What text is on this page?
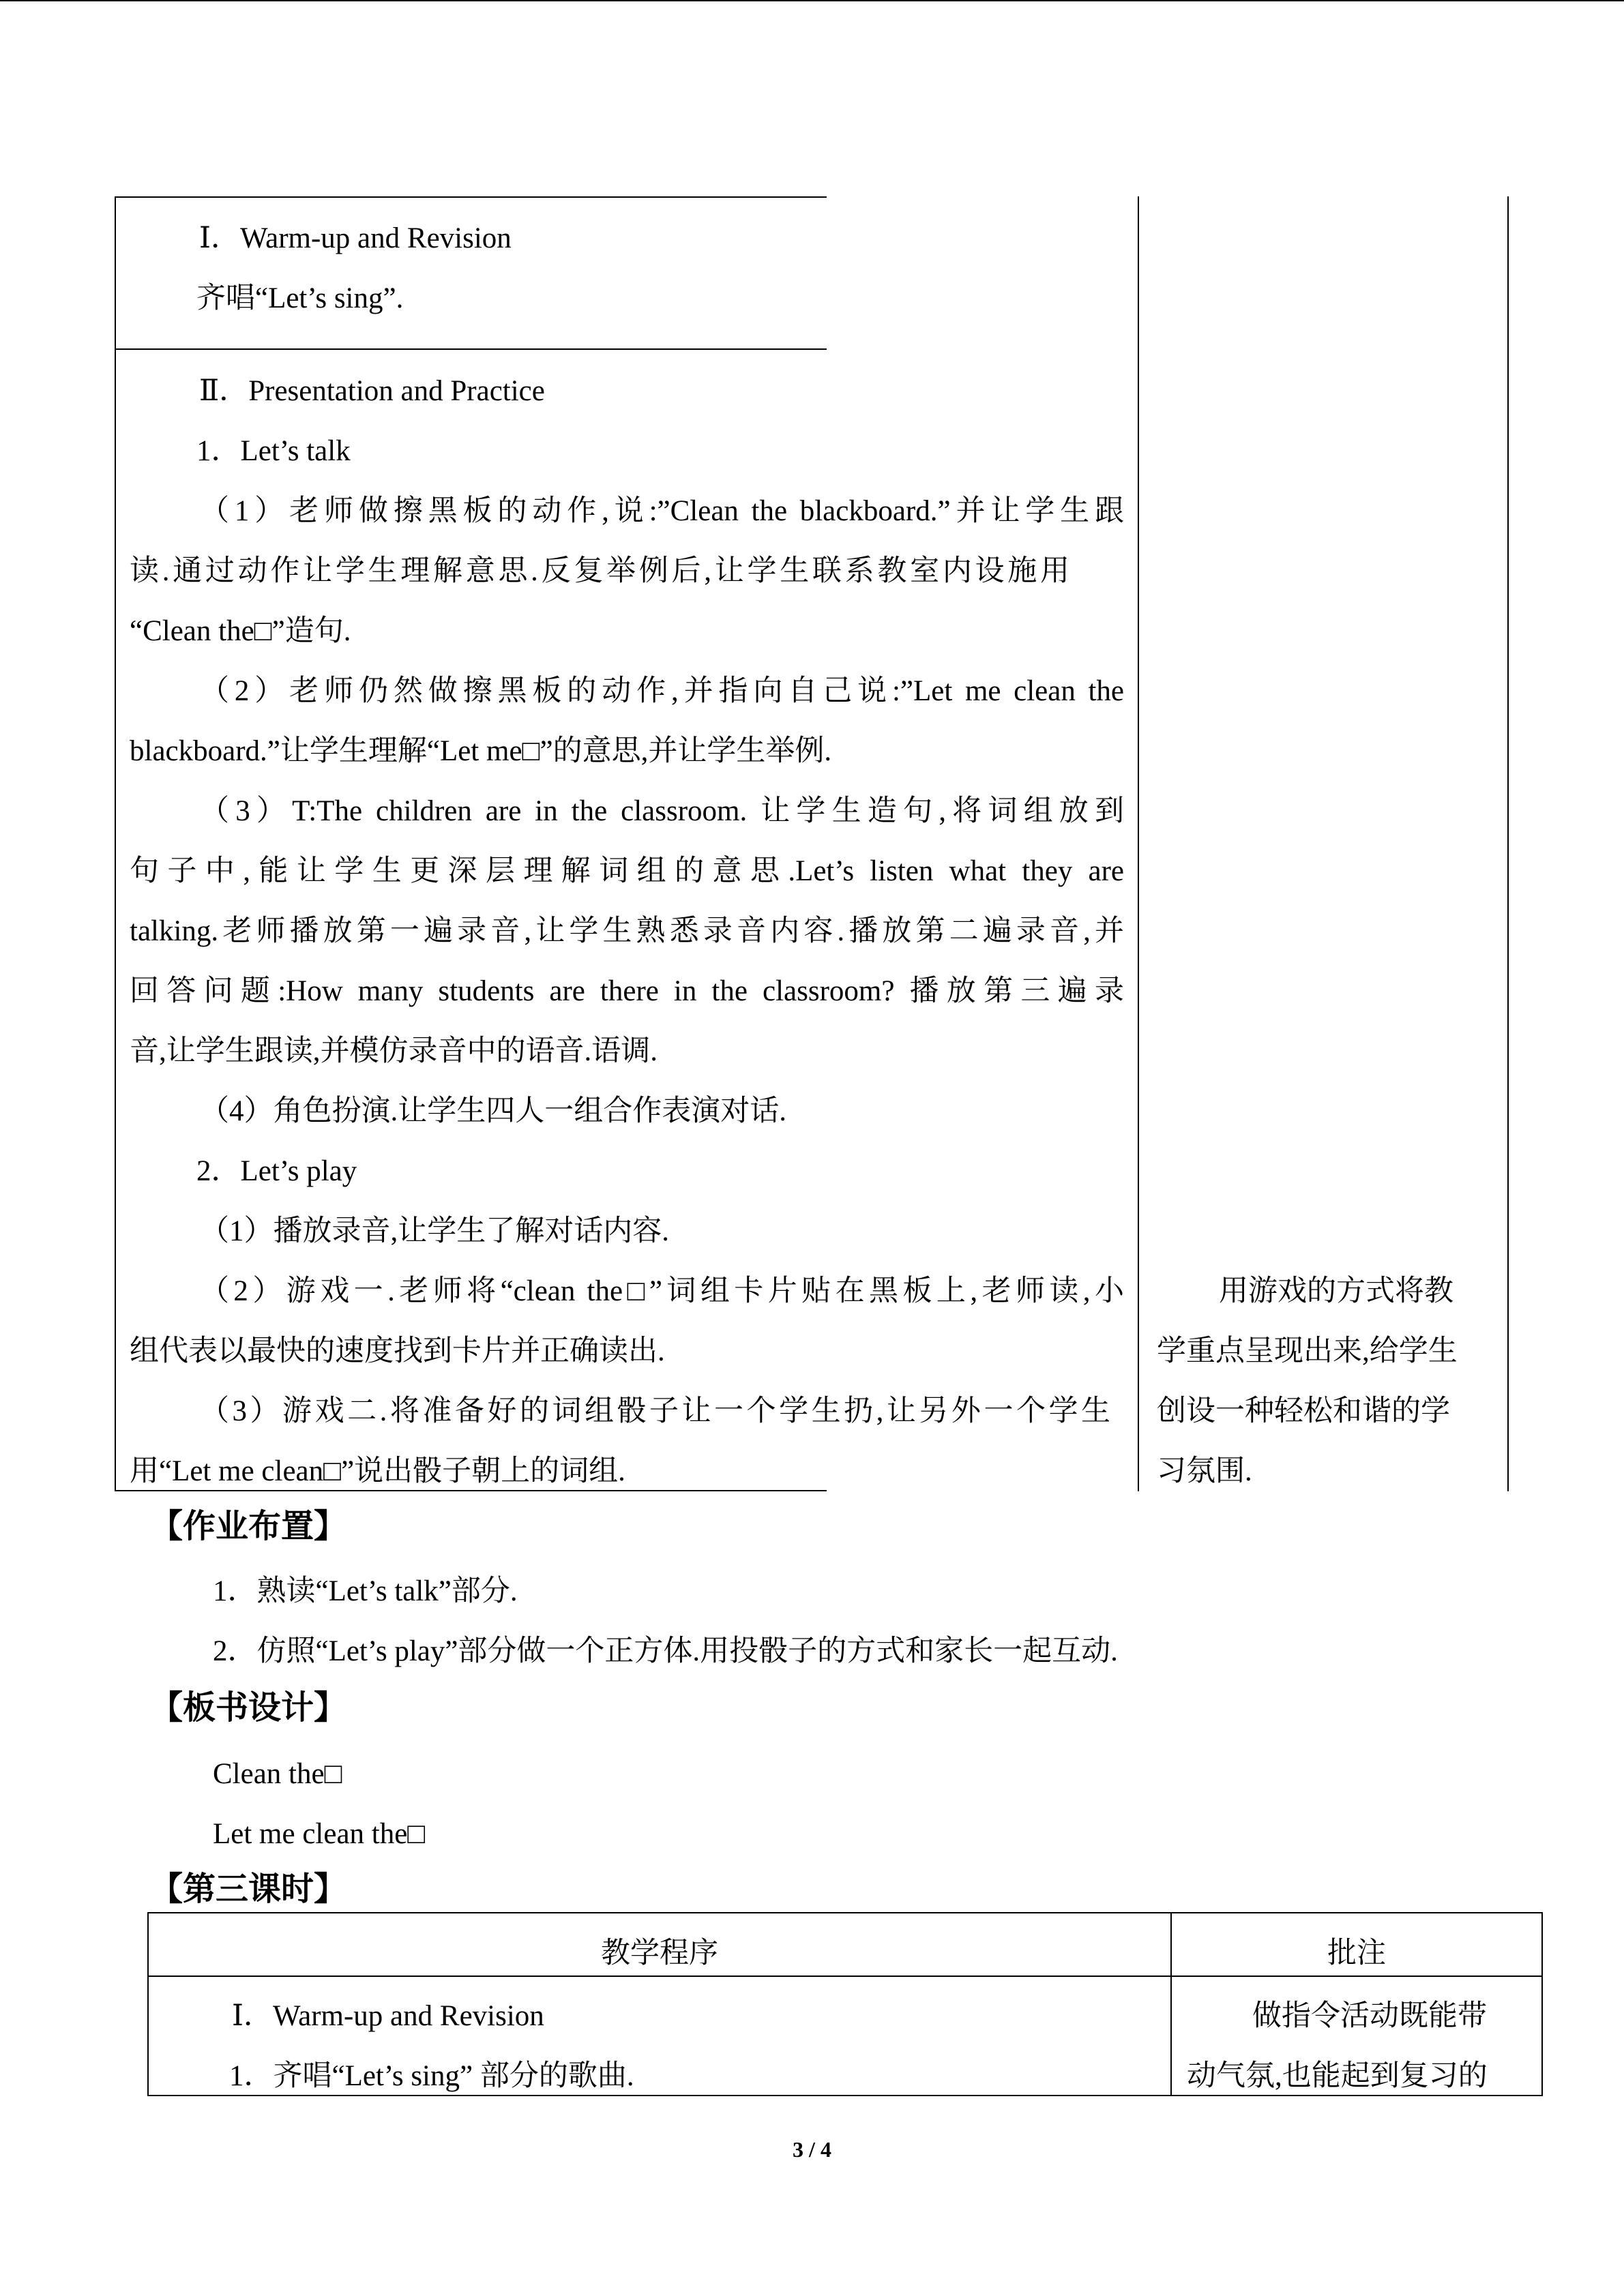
Ⅰ．Warm-up and Revision
齐唱“Let’s sing”.
Ⅱ．Presentation and Practice
1．Let’s talk
（1）老师做擦黑板的动作,说:”Clean the blackboard.”并让学生跟
读.通过动作让学生理解意思.反复举例后,让学生联系教室内设施用
“Clean the□”造句.
（2）老师仍然做擦黑板的动作,并指向自己说:”Let me clean the
blackboard.”让学生理解“Let me□”的意思,并让学生举例.
（3）T:The children are in the classroom. 让学生造句,将词组放到
句子中,能让学生更深层理解词组的意思.Let’s listen what they are
talking.老师播放第一遍录音,让学生熟悉录音内容.播放第二遍录音,并
回答问题:How many students are there in the classroom? 播放第三遍录
音,让学生跟读,并模仿录音中的语音.语调.
（4）角色扮演.让学生四人一组合作表演对话.
2．Let’s play
（1）播放录音,让学生了解对话内容.
（2）游戏一.老师将“clean the□”词组卡片贴在黑板上,老师读,小
组代表以最快的速度找到卡片并正确读出.
（3）游戏二.将准备好的词组骰子让一个学生扔,让另外一个学生
用“Let me clean□”说出骰子朝上的词组.
用游戏的方式将教
学重点呈现出来,给学生
创设一种轻松和谐的学
习氛围.
【作业布置】
1．熟读“Let’s talk”部分.
2．仿照“Let’s play”部分做一个正方体.用投骰子的方式和家长一起互动.
【板书设计】
Clean the□
Let me clean the□
【第三课时】
教学程序	批注
Ⅰ．Warm-up and Revision
1．齐唱“Let’s sing” 部分的歌曲.
做指令活动既能带
动气氛,也能起到复习的
3 / 4
